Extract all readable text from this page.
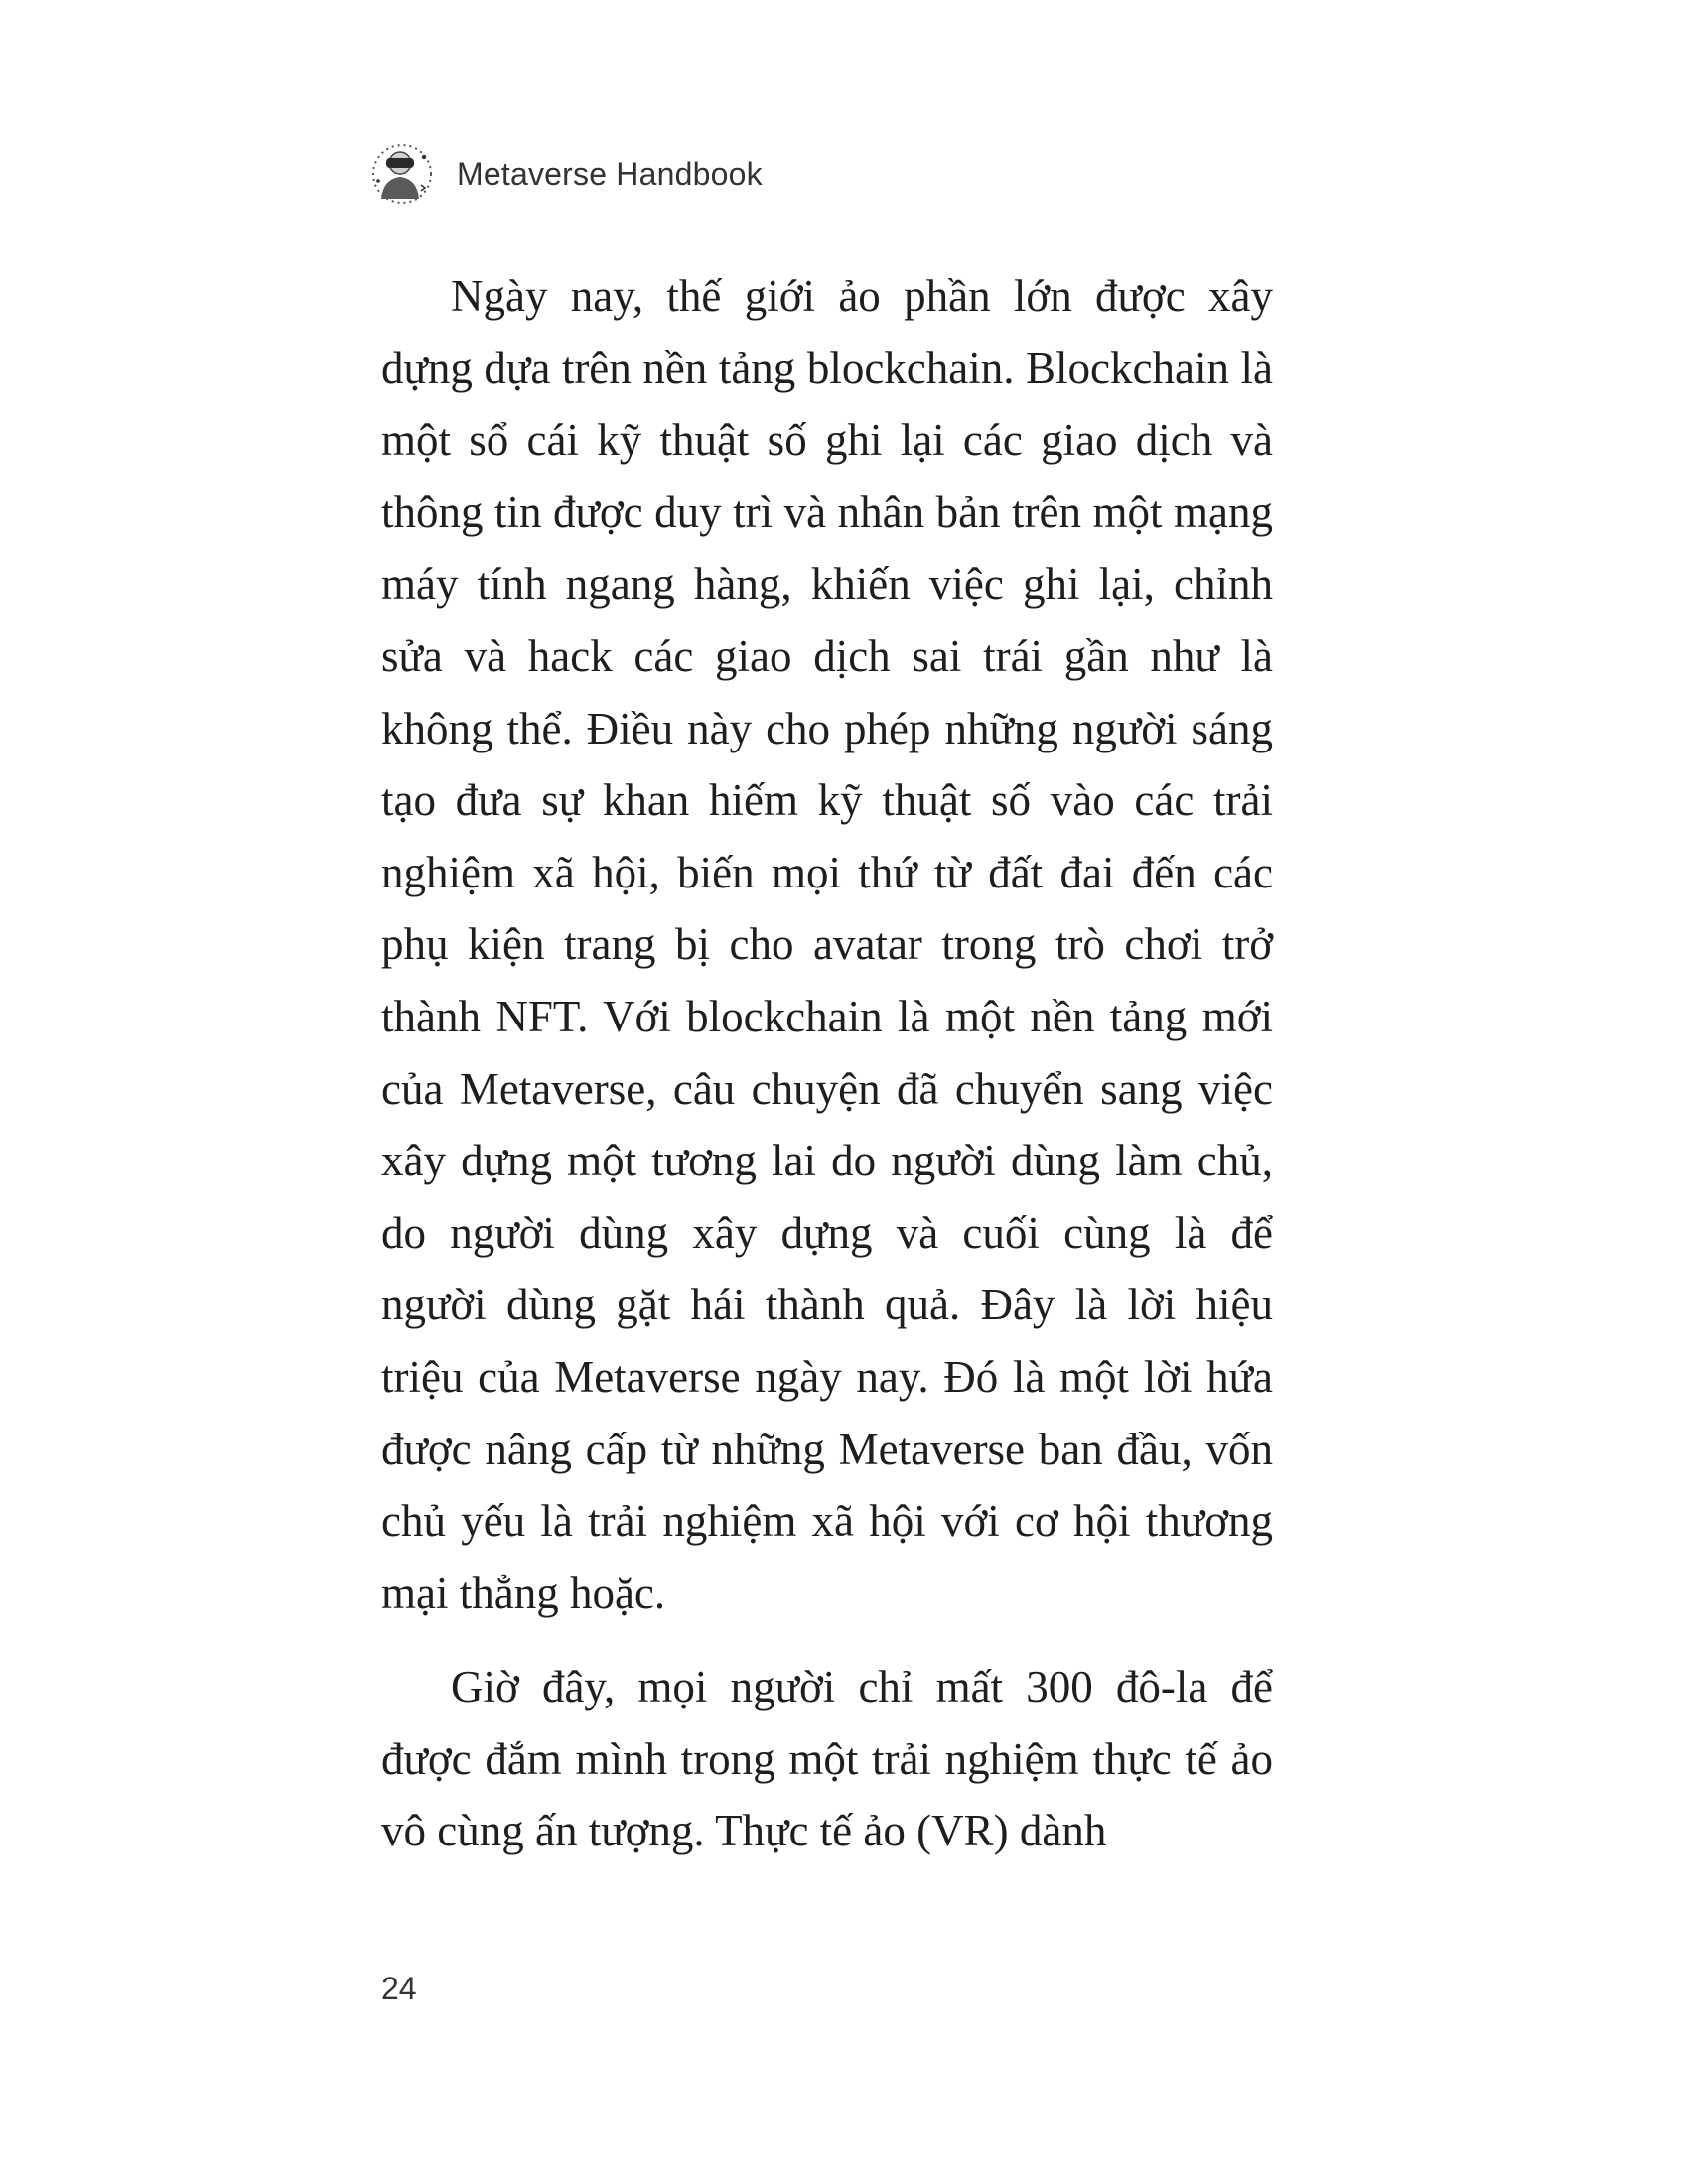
Metaverse Handbook

Ngày nay, thế giới ảo phần lớn được xây dựng dựa trên nền tảng blockchain. Blockchain là một sổ cái kỹ thuật số ghi lại các giao dịch và thông tin được duy trì và nhân bản trên một mạng máy tính ngang hàng, khiến việc ghi lại, chỉnh sửa và hack các giao dịch sai trái gần như là không thể. Điều này cho phép những người sáng tạo đưa sự khan hiếm kỹ thuật số vào các trải nghiệm xã hội, biến mọi thứ từ đất đai đến các phụ kiện trang bị cho avatar trong trò chơi trở thành NFT. Với blockchain là một nền tảng mới của Metaverse, câu chuyện đã chuyển sang việc xây dựng một tương lai do người dùng làm chủ, do người dùng xây dựng và cuối cùng là để người dùng gặt hái thành quả. Đây là lời hiệu triệu của Metaverse ngày nay. Đó là một lời hứa được nâng cấp từ những Metaverse ban đầu, vốn chủ yếu là trải nghiệm xã hội với cơ hội thương mại thẳng hoặc.

Giờ đây, mọi người chỉ mất 300 đô-la để được đắm mình trong một trải nghiệm thực tế ảo vô cùng ấn tượng. Thực tế ảo (VR) dành

24
